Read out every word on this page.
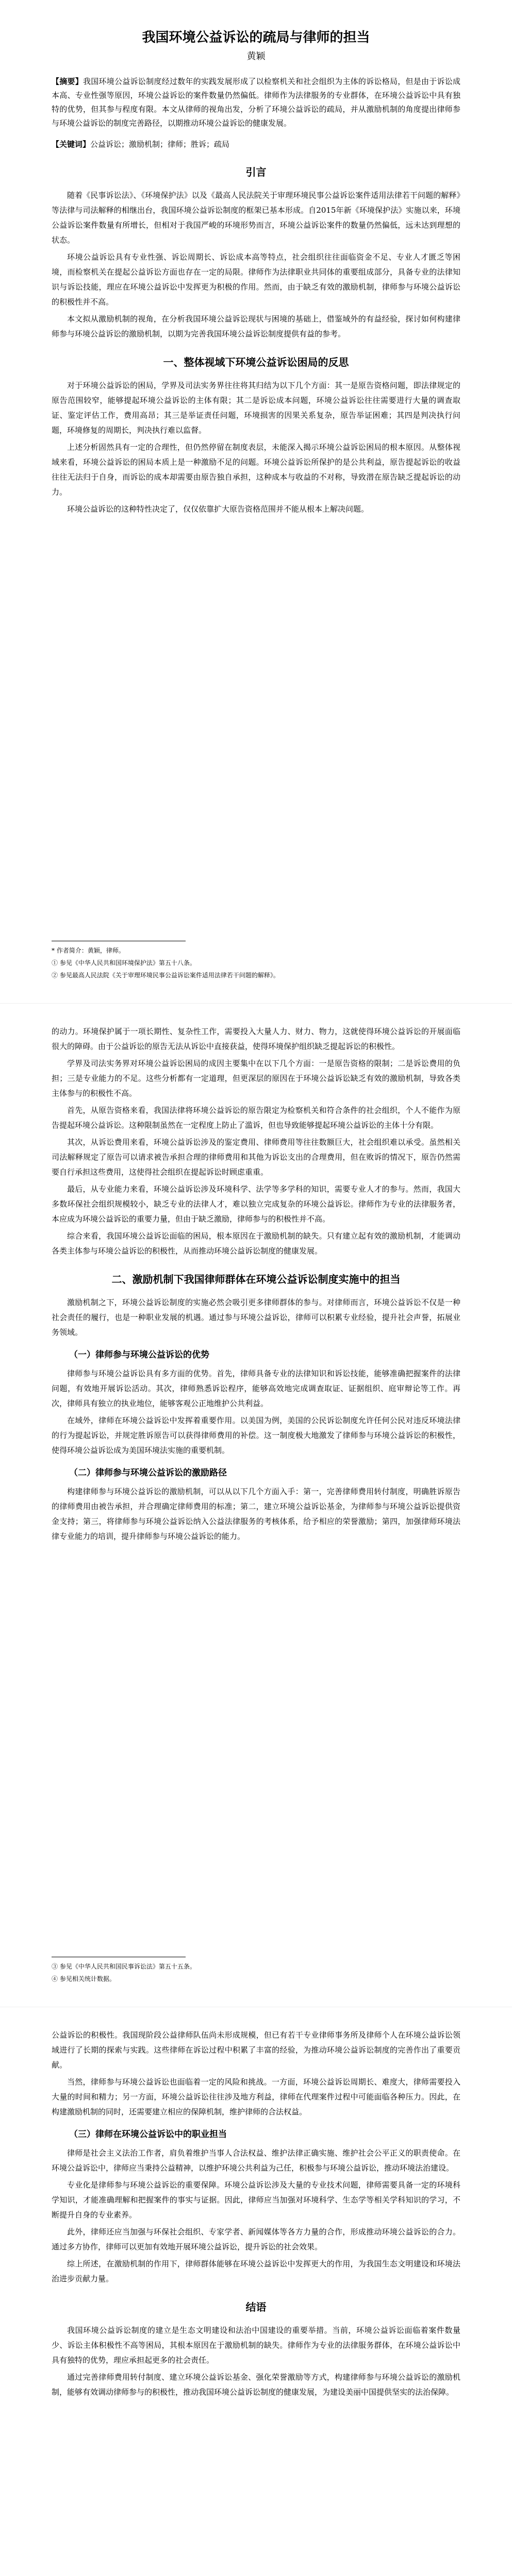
我国环境公益诉讼的疏局与律师的担当
黄颖

【摘要】我国环境公益诉讼制度经过数年的实践发展形成了以检察机关和社会组织为主体的诉讼格局，但是由于诉讼成本高、专业性强等原因，环境公益诉讼的案件数量仍然偏低。律师作为法律服务的专业群体，在环境公益诉讼中具有独特的优势，但其参与程度有限。本文从律师的视角出发，分析了环境公益诉讼的疏局，并从激励机制的角度提出律师参与环境公益诉讼的制度完善路径，以期推动环境公益诉讼的健康发展。

【关键词】公益诉讼；激励机制；律师；胜诉；疏局

引言

随着《民事诉讼法》、《环境保护法》以及《最高人民法院关于审理环境民事公益诉讼案件适用法律若干问题的解释》等法律与司法解释的相继出台，我国环境公益诉讼制度的框架已基本形成。自2015年新《环境保护法》实施以来，环境公益诉讼案件数量有所增长，但相对于我国严峻的环境形势而言，环境公益诉讼案件的数量仍然偏低，远未达到理想的状态。

环境公益诉讼具有专业性强、诉讼周期长、诉讼成本高等特点，社会组织往往面临资金不足、专业人才匮乏等困境，而检察机关在提起公益诉讼方面也存在一定的局限。律师作为法律职业共同体的重要组成部分，具备专业的法律知识与诉讼技能，理应在环境公益诉讼中发挥更为积极的作用。然而，由于缺乏有效的激励机制，律师参与环境公益诉讼的积极性并不高。

本文拟从激励机制的视角，在分析我国环境公益诉讼现状与困境的基础上，借鉴域外的有益经验，探讨如何构建律师参与环境公益诉讼的激励机制，以期为完善我国环境公益诉讼制度提供有益的参考。

一、整体视域下环境公益诉讼困局的反思

对于环境公益诉讼的困局，学界及司法实务界往往将其归结为以下几个方面：其一是原告资格问题，即法律规定的原告范围较窄，能够提起环境公益诉讼的主体有限；其二是诉讼成本问题，环境公益诉讼往往需要进行大量的调查取证、鉴定评估工作，费用高昂；其三是举证责任问题，环境损害的因果关系复杂，原告举证困难；其四是判决执行问题，环境修复的周期长，判决执行难以监督。

上述分析固然具有一定的合理性，但仍然停留在制度表层，未能深入揭示环境公益诉讼困局的根本原因。从整体视域来看，环境公益诉讼的困局本质上是一种激励不足的问题。环境公益诉讼所保护的是公共利益，原告提起诉讼的收益往往无法归于自身，而诉讼的成本却需要由原告独自承担，这种成本与收益的不对称，导致潜在原告缺乏提起诉讼的动力。

环境公益诉讼的这种特性决定了，仅仅依靠扩大原告资格范围并不能从根本上解决问题。

* 作者简介：黄颖，律师。

① 参见《中华人民共和国环境保护法》第五十八条。

② 参见最高人民法院《关于审理环境民事公益诉讼案件适用法律若干问题的解释》。

的动力。环境保护属于一项长期性、复杂性工作，需要投入大量人力、财力、物力，这就使得环境公益诉讼的开展面临很大的障碍。由于公益诉讼的原告无法从诉讼中直接获益，使得环境保护组织缺乏提起诉讼的积极性。

学界及司法实务界对环境公益诉讼困局的成因主要集中在以下几个方面：一是原告资格的限制；二是诉讼费用的负担；三是专业能力的不足。这些分析都有一定道理，但更深层的原因在于环境公益诉讼缺乏有效的激励机制，导致各类主体参与的积极性不高。

首先，从原告资格来看，我国法律将环境公益诉讼的原告限定为检察机关和符合条件的社会组织，个人不能作为原告提起环境公益诉讼。这种限制虽然在一定程度上防止了滥诉，但也导致能够提起环境公益诉讼的主体十分有限。

其次，从诉讼费用来看，环境公益诉讼涉及的鉴定费用、律师费用等往往数额巨大，社会组织难以承受。虽然相关司法解释规定了原告可以请求被告承担合理的律师费用和其他为诉讼支出的合理费用，但在败诉的情况下，原告仍然需要自行承担这些费用，这使得社会组织在提起诉讼时顾虑重重。

最后，从专业能力来看，环境公益诉讼涉及环境科学、法学等多学科的知识，需要专业人才的参与。然而，我国大多数环保社会组织规模较小，缺乏专业的法律人才，难以独立完成复杂的环境公益诉讼。律师作为专业的法律服务者，本应成为环境公益诉讼的重要力量，但由于缺乏激励，律师参与的积极性并不高。

综合来看，我国环境公益诉讼面临的困局，根本原因在于激励机制的缺失。只有建立起有效的激励机制，才能调动各类主体参与环境公益诉讼的积极性，从而推动环境公益诉讼制度的健康发展。

二、激励机制下我国律师群体在环境公益诉讼制度实施中的担当

激励机制之下，环境公益诉讼制度的实施必然会吸引更多律师群体的参与。对律师而言，环境公益诉讼不仅是一种社会责任的履行，也是一种职业发展的机遇。通过参与环境公益诉讼，律师可以积累专业经验，提升社会声誉，拓展业务领域。

（一）律师参与环境公益诉讼的优势

律师参与环境公益诉讼具有多方面的优势。首先，律师具备专业的法律知识和诉讼技能，能够准确把握案件的法律问题，有效地开展诉讼活动。其次，律师熟悉诉讼程序，能够高效地完成调查取证、证据组织、庭审辩论等工作。再次，律师具有独立的执业地位，能够客观公正地维护公共利益。

在域外，律师在环境公益诉讼中发挥着重要作用。以美国为例，美国的公民诉讼制度允许任何公民对违反环境法律的行为提起诉讼，并规定胜诉原告可以获得律师费用的补偿。这一制度极大地激发了律师参与环境公益诉讼的积极性，使得环境公益诉讼成为美国环境法实施的重要机制。

（二）律师参与环境公益诉讼的激励路径

构建律师参与环境公益诉讼的激励机制，可以从以下几个方面入手：第一，完善律师费用转付制度，明确胜诉原告的律师费用由被告承担，并合理确定律师费用的标准；第二，建立环境公益诉讼基金，为律师参与环境公益诉讼提供资金支持；第三，将律师参与环境公益诉讼纳入公益法律服务的考核体系，给予相应的荣誉激励；第四，加强律师环境法律专业能力的培训，提升律师参与环境公益诉讼的能力。

③ 参见《中华人民共和国民事诉讼法》第五十五条。

④ 参见相关统计数据。

公益诉讼的积极性。我国现阶段公益律师队伍尚未形成规模，但已有若干专业律师事务所及律师个人在环境公益诉讼领域进行了长期的探索与实践。这些律师在诉讼过程中积累了丰富的经验，为推动环境公益诉讼制度的完善作出了重要贡献。

当然，律师参与环境公益诉讼也面临着一定的风险和挑战。一方面，环境公益诉讼周期长、难度大，律师需要投入大量的时间和精力；另一方面，环境公益诉讼往往涉及地方利益，律师在代理案件过程中可能面临各种压力。因此，在构建激励机制的同时，还需要建立相应的保障机制，维护律师的合法权益。

（三）律师在环境公益诉讼中的职业担当

律师是社会主义法治工作者，肩负着维护当事人合法权益、维护法律正确实施、维护社会公平正义的职责使命。在环境公益诉讼中，律师应当秉持公益精神，以维护环境公共利益为己任，积极参与环境公益诉讼，推动环境法治建设。

专业化是律师参与环境公益诉讼的重要保障。环境公益诉讼涉及大量的专业技术问题，律师需要具备一定的环境科学知识，才能准确理解和把握案件的事实与证据。因此，律师应当加强对环境科学、生态学等相关学科知识的学习，不断提升自身的专业素养。

此外，律师还应当加强与环保社会组织、专家学者、新闻媒体等各方力量的合作，形成推动环境公益诉讼的合力。通过多方协作，律师可以更加有效地开展环境公益诉讼，提升诉讼的社会效果。

综上所述，在激励机制的作用下，律师群体能够在环境公益诉讼中发挥更大的作用，为我国生态文明建设和环境法治进步贡献力量。

结语

我国环境公益诉讼制度的建立是生态文明建设和法治中国建设的重要举措。当前，环境公益诉讼面临着案件数量少、诉讼主体积极性不高等困局，其根本原因在于激励机制的缺失。律师作为专业的法律服务群体，在环境公益诉讼中具有独特的优势，理应承担起更多的社会责任。

通过完善律师费用转付制度、建立环境公益诉讼基金、强化荣誉激励等方式，构建律师参与环境公益诉讼的激励机制，能够有效调动律师参与的积极性，推动我国环境公益诉讼制度的健康发展，为建设美丽中国提供坚实的法治保障。
